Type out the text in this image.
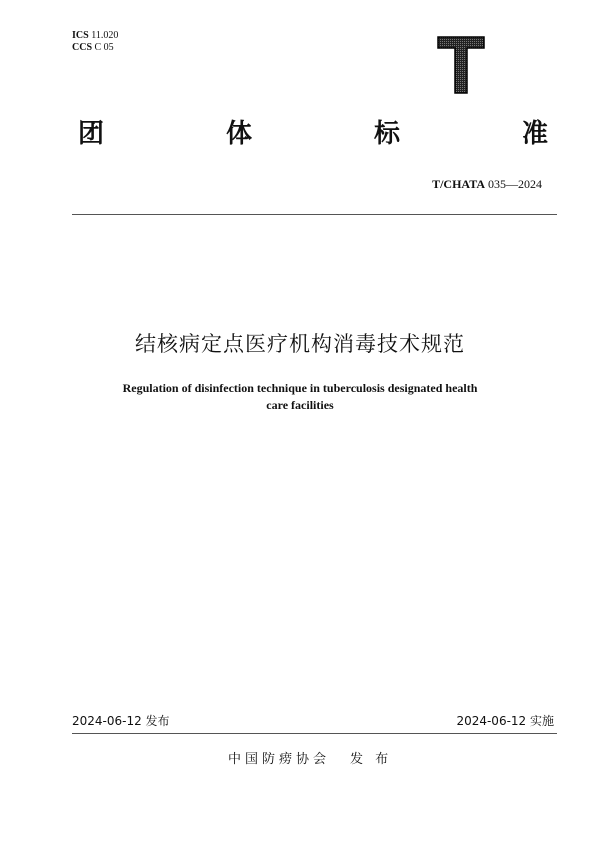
ICS 11.020
CCS C 05
团	体	标	准
T/CHATA 035—2024
结核病定点医疗机构消毒技术规范
Regulation of disinfection technique in tuberculosis designated health
care facilities
2024-06-12 发布	2024-06-12 实施
中国防痨协会 发 布
